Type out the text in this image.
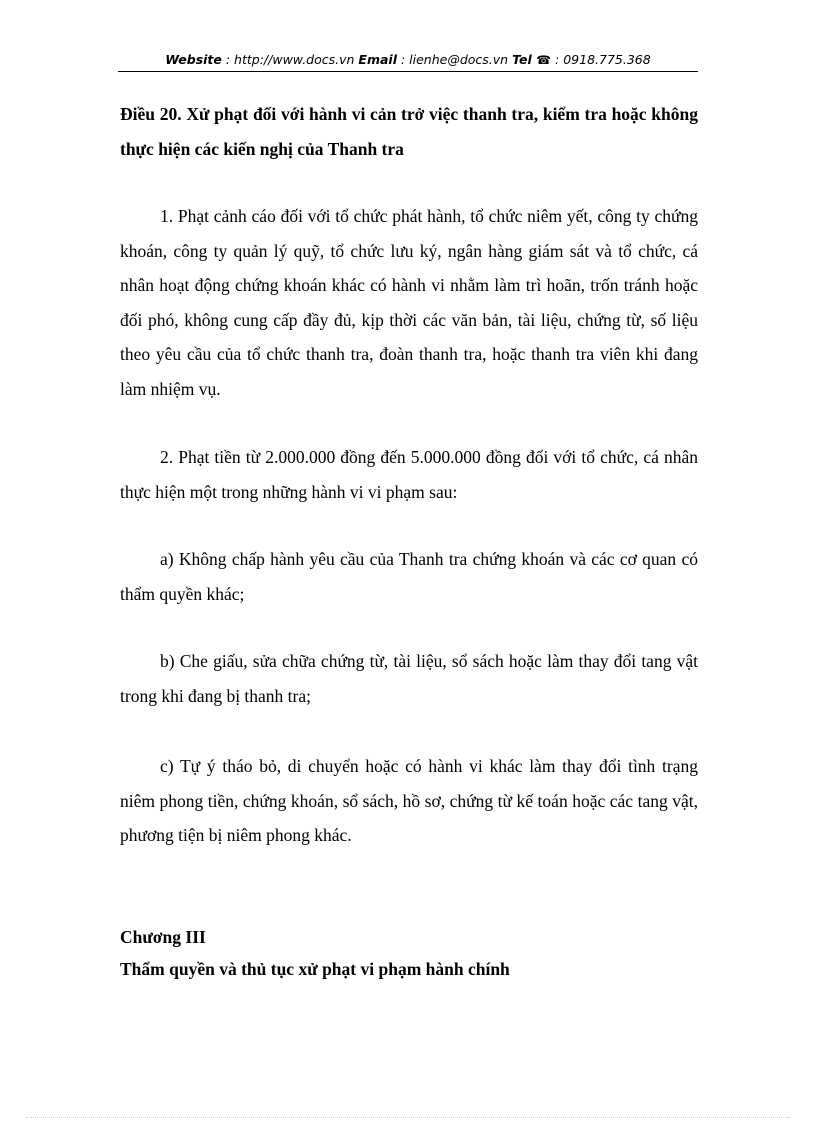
Website : http://www.docs.vn Email : lienhe@docs.vn Tel ☎ : 0918.775.368
Điều 20. Xử phạt đối với hành vi cản trở việc thanh tra, kiểm tra hoặc không thực hiện các kiến nghị của Thanh tra
1. Phạt cảnh cáo đối với tổ chức phát hành, tổ chức niêm yết, công ty chứng khoán, công ty quản lý quỹ, tổ chức lưu ký, ngân hàng giám sát và tổ chức, cá nhân hoạt động chứng khoán khác có hành vi nhằm làm trì hoãn, trốn tránh hoặc đối phó, không cung cấp đầy đủ, kịp thời các văn bản, tài liệu, chứng từ, số liệu theo yêu cầu của tổ chức thanh tra, đoàn thanh tra, hoặc thanh tra viên khi đang làm nhiệm vụ.
2. Phạt tiền từ 2.000.000 đồng đến 5.000.000 đồng đối với tổ chức, cá nhân thực hiện một trong những hành vi vi phạm sau:
a) Không chấp hành yêu cầu của Thanh tra chứng khoán và các cơ quan có thẩm quyền khác;
b) Che giấu, sửa chữa chứng từ, tài liệu, sổ sách hoặc làm thay đổi tang vật trong khi đang bị thanh tra;
c) Tự ý tháo bỏ, di chuyển hoặc có hành vi khác làm thay đổi tình trạng niêm phong tiền, chứng khoán, sổ sách, hồ sơ, chứng từ kế toán hoặc các tang vật, phương tiện bị niêm phong khác.
Chương III
Thẩm quyền và thủ tục xử phạt vi phạm hành chính
